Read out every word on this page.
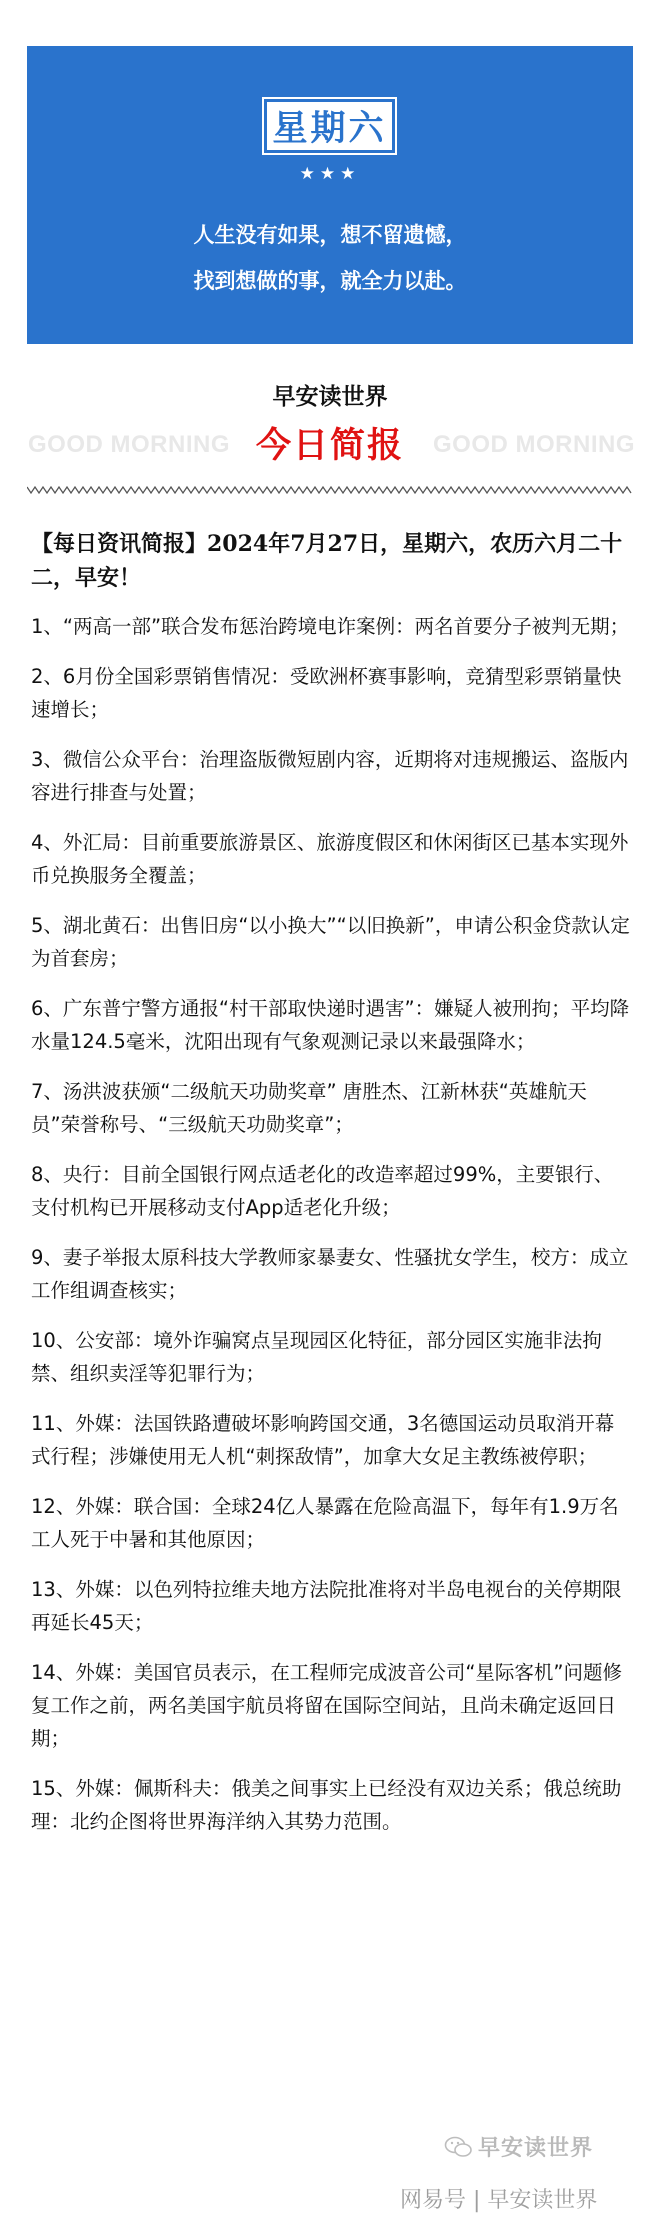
星期六
★★★
人生没有如果，想不留遗憾，
找到想做的事，就全力以赴。
早安读世界
GOOD MORNING 今日简报	GOOD MORNING
【每日资讯简报】2024年7月27日，星期六，农历六月二十二，早安！
1、“两高一部”联合发布惩治跨境电诈案例：两名首要分子被判无期；
2、6月份全国彩票销售情况：受欧洲杯赛事影响，竞猜型彩票销量快速增长；
3、微信公众平台：治理盗版微短剧内容，近期将对违规搬运、盗版内容进行排查与处置；
4、外汇局：目前重要旅游景区、旅游度假区和休闲街区已基本实现外币兑换服务全覆盖；
5、湖北黄石：出售旧房“以小换大”“以旧换新”，申请公积金贷款认定为首套房；
6、广东普宁警方通报“村干部取快递时遇害”：嫌疑人被刑拘；平均降水量124.5毫米，沈阳出现有气象观测记录以来最强降水；
7、汤洪波获颁“二级航天功勋奖章” 唐胜杰、江新林获“英雄航天员”荣誉称号、“三级航天功勋奖章”；
8、央行：目前全国银行网点适老化的改造率超过99%，主要银行、支付机构已开展移动支付App适老化升级；
9、妻子举报太原科技大学教师家暴妻女、性骚扰女学生，校方：成立工作组调查核实；
10、公安部：境外诈骗窝点呈现园区化特征，部分园区实施非法拘禁、组织卖淫等犯罪行为；
11、外媒：法国铁路遭破坏影响跨国交通，3名德国运动员取消开幕式行程；涉嫌使用无人机“刺探敌情”，加拿大女足主教练被停职；
12、外媒：联合国：全球24亿人暴露在危险高温下，每年有1.9万名工人死于中暑和其他原因；
13、外媒：以色列特拉维夫地方法院批准将对半岛电视台的关停期限再延长45天；
14、外媒：美国官员表示，在工程师完成波音公司“星际客机”问题修复工作之前，两名美国宇航员将留在国际空间站，且尚未确定返回日期；
15、外媒：佩斯科夫：俄美之间事实上已经没有双边关系；俄总统助理：北约企图将世界海洋纳入其势力范围。
早安读世界
网易号 | 早安读世界
